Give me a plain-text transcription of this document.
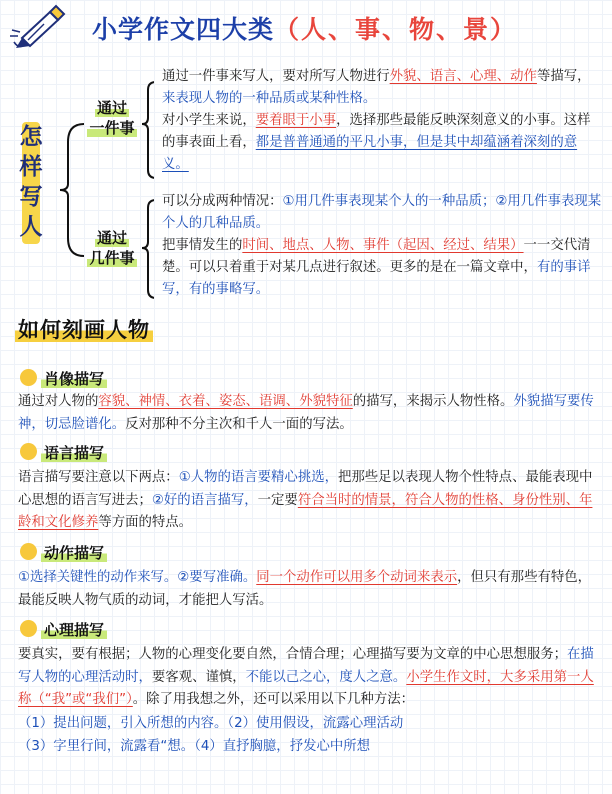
小学作文四大类（人、事、物、景）
怎
样
写
人
通过
一件事
通过
几件事

通过一件事来写人，要对所写人物进行外貌、语言、心理、动作等描写，来表现人物的一种品质或某种性格。

对小学生来说，要着眼于小事，选择那些最能反映深刻意义的小事。这样的事表面上看，都是普普通通的平凡小事，但是其中却蕴涵着深刻的意义。

可以分成两种情况：①用几件事表现某个人的一种品质；②用几件事表现某个人的几种品质。

把事情发生的时间、地点、人物、事件（起因、经过、结果）一一交代清楚。可以只着重于对某几点进行叙述。更多的是在一篇文章中，有的事详写，有的事略写。

如何刻画人物
肖像描写

通过对人物的容貌、神情、衣着、姿态、语调、外貌特征的描写，来揭示人物性格。外貌描写要传神，切忌脸谱化。反对那种不分主次和千人一面的写法。

语言描写

语言描写要注意以下两点：①人物的语言要精心挑选，把那些足以表现人物个性特点、最能表现中心思想的语言写进去；②好的语言描写，一定要符合当时的情景，符合人物的性格、身份性别、年龄和文化修养等方面的特点。

动作描写

①选择关键性的动作来写。②要写准确。同一个动作可以用多个动词来表示，但只有那些有特色，最能反映人物气质的动词，才能把人写活。

心理描写

要真实，要有根据；人物的心理变化要自然，合情合理；心理描写要为文章的中心思想服务；在描写人物的心理活动时，要客观、谨慎，不能以己之心，度人之意。小学生作文时，大多采用第一人称（“我”或“我们”）。除了用我想之外，还可以采用以下几种方法：

（1）提出问题，引入所想的内容。（2）使用假设，流露心理活动

（3）字里行间，流露看“想。（4）直抒胸臆，抒发心中所想
